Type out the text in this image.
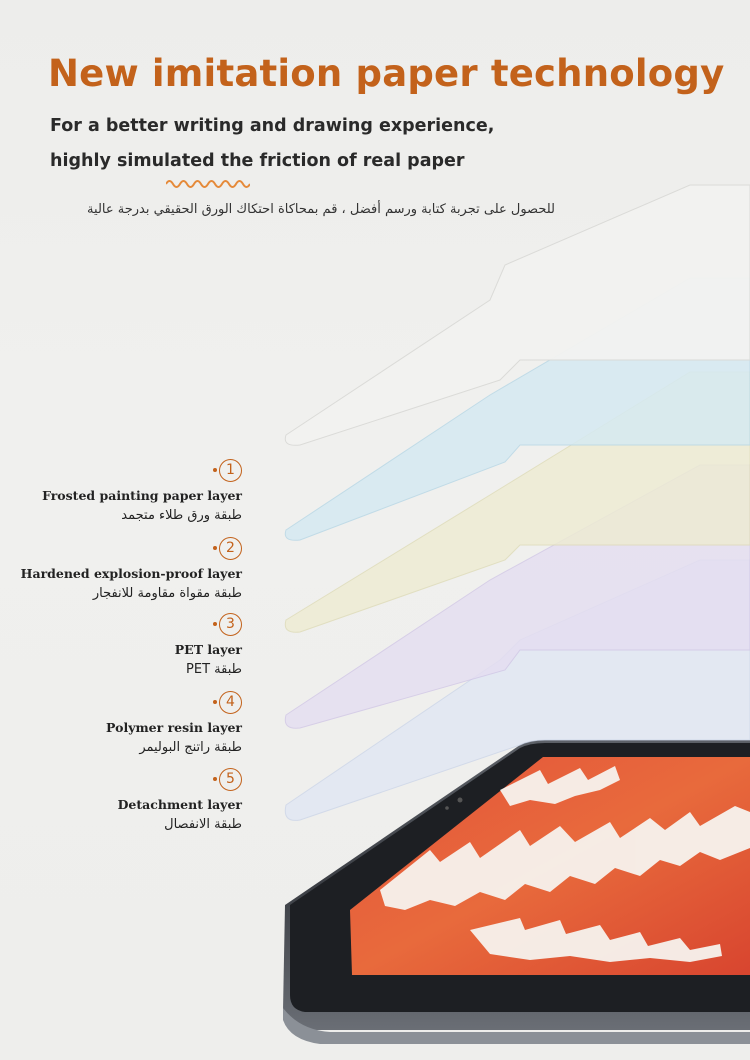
New imitation paper technology
For a better writing and drawing experience,
highly simulated the friction of real paper
للحصول على تجربة كتابة ورسم أفضل ، قم بمحاكاة احتكاك الورق الحقيقي بدرجة عالية
1
Frosted painting paper layer
طبقة ورق طلاء متجمد
2
Hardened explosion-proof layer
طبقة مقواة مقاومة للانفجار
3
PET layer
طبقة PET
4
Polymer resin layer
طبقة راتنج البوليمر
5
Detachment layer
طبقة الانفصال
